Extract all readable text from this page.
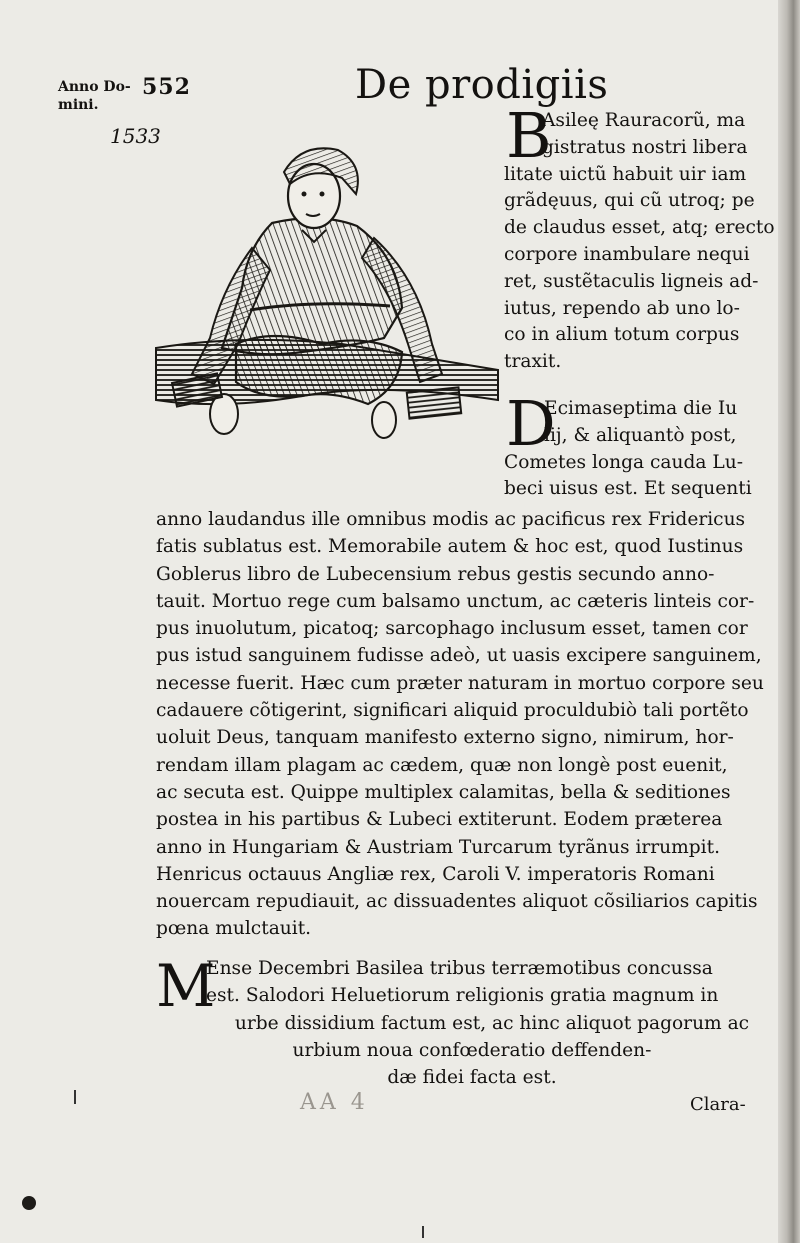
Anno Do-
mini.
552
1533
De prodigiis
B
Asileę Rauracorũ, ma
gistratus nostri libera
litate uictũ habuit uir iam
grãdęuus, qui cũ utroq; pe
de claudus esset, atq; erecto
corpore inambulare nequi
ret, sustẽtaculis ligneis ad-
iutus, rependo ab uno lo-
co in alium totum corpus
traxit.
D
Ecimaseptima die Iu
lij, & aliquantò post,
Cometes longa cauda Lu-
beci uisus est. Et sequenti
anno laudandus ille omnibus modis ac pacificus rex Fridericus
fatis sublatus est. Memorabile autem & hoc est, quod Iustinus
Goblerus libro de Lubecensium rebus gestis secundo anno-
tauit. Mortuo rege cum balsamo unctum, ac cæteris linteis cor-
pus inuolutum, picatoq; sarcophago inclusum esset, tamen cor
pus istud sanguinem fudisse adeò, ut uasis excipere sanguinem,
necesse fuerit. Hæc cum præter naturam in mortuo corpore seu
cadauere cõtigerint, significari aliquid proculdubiò tali portẽto
uoluit Deus, tanquam manifesto externo signo, nimirum, hor-
rendam illam plagam ac cædem, quæ non longè post euenit,
ac secuta est. Quippe multiplex calamitas, bella & seditiones
postea in his partibus & Lubeci extiterunt. Eodem præterea
anno in Hungariam & Austriam Turcarum tyrãnus irrumpit.
Henricus octauus Angliæ rex, Caroli V. imperatoris Romani
nouercam repudiauit, ac dissuadentes aliquot cõsiliarios capitis
pœna mulctauit.
M
Ense Decembri Basilea tribus terræmotibus concussa
est. Salodori Heluetiorum religionis gratia magnum in
urbe dissidium factum est, ac hinc aliquot pagorum ac
urbium noua confœderatio deffenden-
dæ fidei facta est.
AA 4	Clara-
